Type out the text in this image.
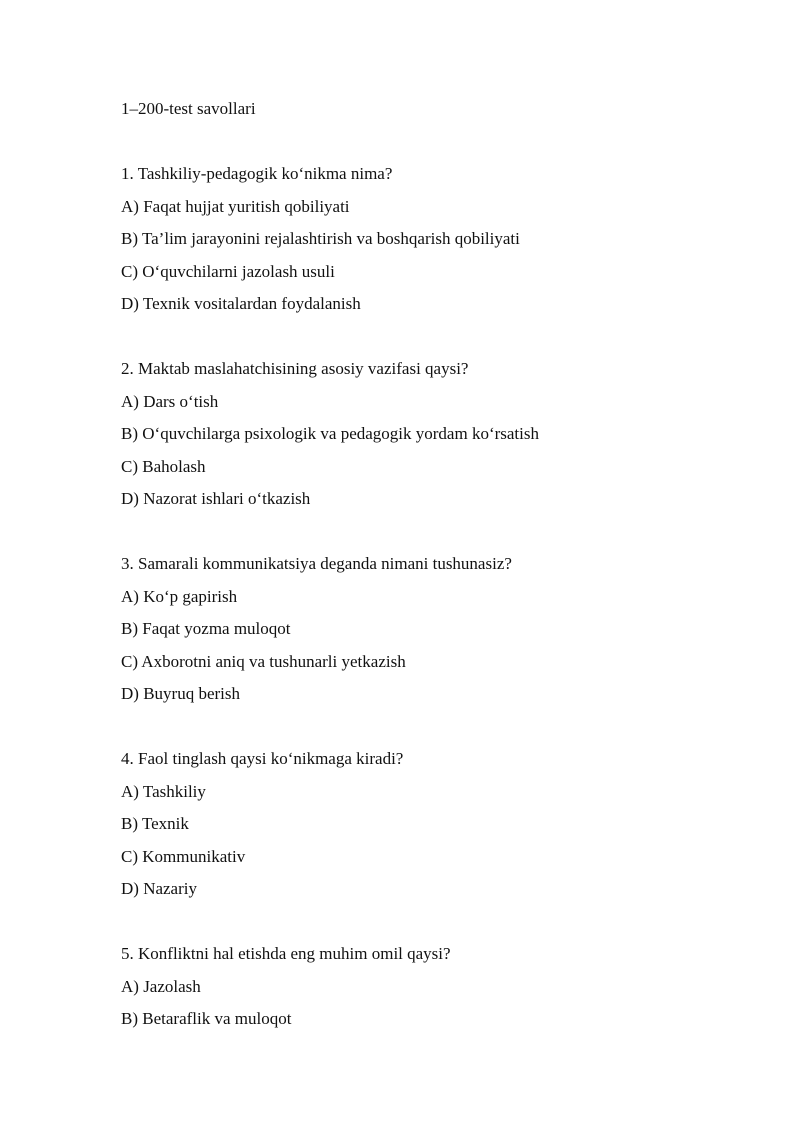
1–200-test savollari
1. Tashkiliy-pedagogik ko‘nikma nima?
A) Faqat hujjat yuritish qobiliyati
B) Ta’lim jarayonini rejalashtirish va boshqarish qobiliyati
C) O‘quvchilarni jazolash usuli
D) Texnik vositalardan foydalanish
2. Maktab maslahatchisining asosiy vazifasi qaysi?
A) Dars o‘tish
B) O‘quvchilarga psixologik va pedagogik yordam ko‘rsatish
C) Baholash
D) Nazorat ishlari o‘tkazish
3. Samarali kommunikatsiya deganda nimani tushunasiz?
A) Ko‘p gapirish
B) Faqat yozma muloqot
C) Axborotni aniq va tushunarli yetkazish
D) Buyruq berish
4. Faol tinglash qaysi ko‘nikmaga kiradi?
A) Tashkiliy
B) Texnik
C) Kommunikativ
D) Nazariy
5. Konfliktni hal etishda eng muhim omil qaysi?
A) Jazolash
B) Betaraflik va muloqot
